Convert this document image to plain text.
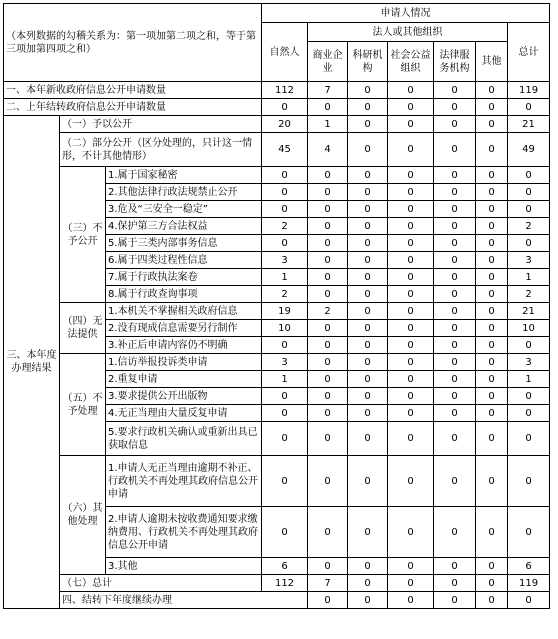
（本列数据的勾稽关系为：第一项加第二项之和，等于第三项加第四项之和）			申请人情况							
			自然人	法人或其他组织					总计	
				商业企业	科研机构	社会公益组织	法律服务机构	其他		
一、本年新收政府信息公开申请数量			112	7	0	0	0	0	119	
二、上年结转政府信息公开申请数量			0	0	0	0	0	0	0	
三、本年度办理结果	（一）予以公开		20	1	0	0	0	0	21	
	（二）部分公开（区分处理的，只计这一情形，不计其他情形）		45	4	0	0	0	0	49	
	（三）不予公开	1.属于国家秘密	0	0	0	0	0	0	0	
		2.其他法律行政法规禁止公开	0	0	0	0	0	0	0	
		3.危及“三安全一稳定”	0	0	0	0	0	0	0	
		4.保护第三方合法权益	2	0	0	0	0	0	2	
		5.属于三类内部事务信息	0	0	0	0	0	0	0	
		6.属于四类过程性信息	3	0	0	0	0	0	3	
		7.属于行政执法案卷	1	0	0	0	0	0	1	
		8.属于行政查询事项	2	0	0	0	0	0	2	
	（四）无法提供	1.本机关不掌握相关政府信息	19	2	0	0	0	0	21	
		2.没有现成信息需要另行制作	10	0	0	0	0	0	10	
		3.补正后申请内容仍不明确	0	0	0	0	0	0	0	
	（五）不予处理	1.信访举报投诉类申请	3	0	0	0	0	0	3	
		2.重复申请	1	0	0	0	0	0	1	
		3.要求提供公开出版物	0	0	0	0	0	0	0	
		4.无正当理由大量反复申请	0	0	0	0	0	0	0	
		5.要求行政机关确认或重新出具已获取信息	0	0	0	0	0	0	0	
	（六）其他处理	1.申请人无正当理由逾期不补正、行政机关不再处理其政府信息公开申请	0	0	0	0	0	0	0	
		2.申请人逾期未按收费通知要求缴纳费用、行政机关不再处理其政府信息公开申请	0	0	0	0	0	0	0	
		3.其他	6	0	0	0	0	0	6	
	（七）总计		112	7	0	0	0	0	119	
	四、结转下年度继续办理			0	0	0	0	0	0	
